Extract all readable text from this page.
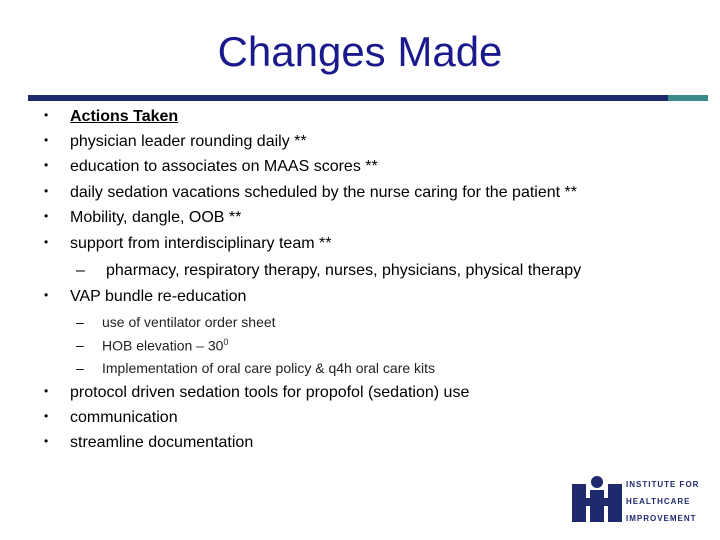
Changes Made
• Actions Taken
• physician leader rounding daily **
• education to associates on MAAS scores **
• daily sedation vacations scheduled by the nurse caring for the patient **
• Mobility, dangle, OOB **
• support from interdisciplinary team **
– pharmacy, respiratory therapy, nurses, physicians, physical therapy
• VAP bundle re-education
– use of ventilator order sheet
– HOB elevation – $30^0$
– Implementation of oral care policy & q4h oral care kits
• protocol driven sedation tools for propofol (sedation) use
• communication
• streamline documentation
INSTITUTE FOR
HEALTHCARE
IMPROVEMENT
